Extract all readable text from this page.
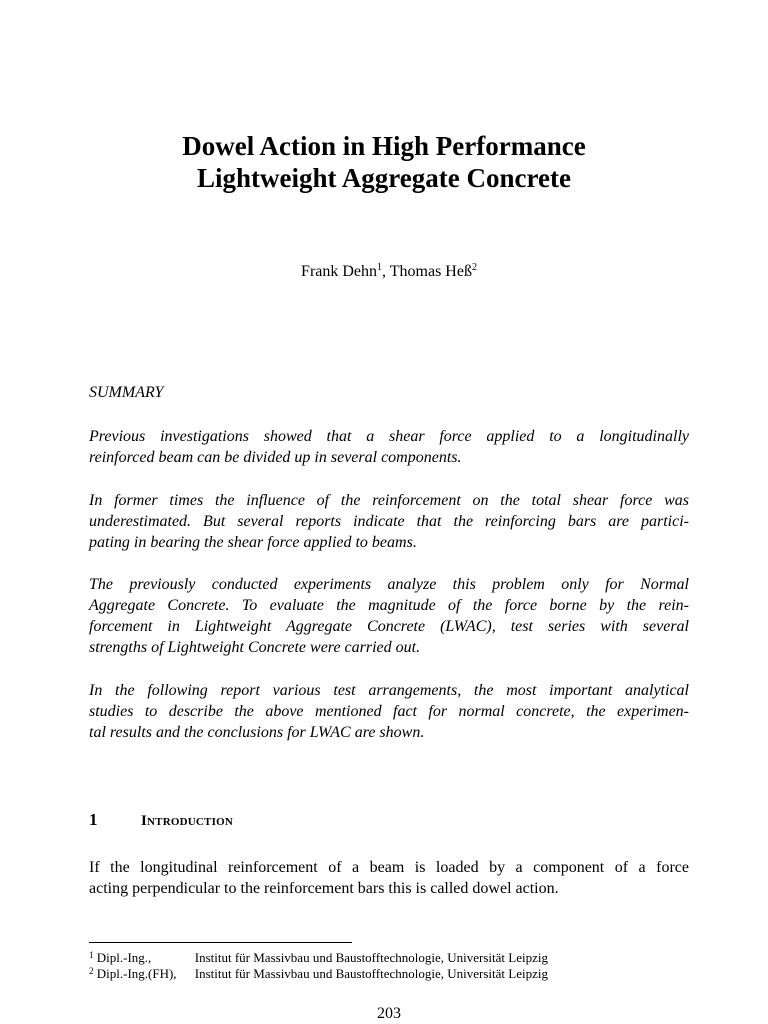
Dowel Action in High Performance
Lightweight Aggregate Concrete
Frank Dehn$^1$, Thomas Heß$^2$
SUMMARY

Previous investigations showed that a shear force applied to a longitudinally
reinforced beam can be divided up in several components.

In former times the influence of the reinforcement on the total shear force was
underestimated. But several reports indicate that the reinforcing bars are partici-
pating in bearing the shear force applied to beams.

The previously conducted experiments analyze this problem only for Normal
Aggregate Concrete. To evaluate the magnitude of the force borne by the rein-
forcement in Lightweight Aggregate Concrete (LWAC), test series with several
strengths of Lightweight Concrete were carried out.

In the following report various test arrangements, the most important analytical
studies to describe the above mentioned fact for normal concrete, the experimen-
tal results and the conclusions for LWAC are shown.

1	Introduction

If the longitudinal reinforcement of a beam is loaded by a component of a force
acting perpendicular to the reinforcement bars this is called dowel action.

$^1$ Dipl.-Ing.,	Institut für Massivbau und Baustofftechnologie, Universität Leipzig
$^2$ Dipl.-Ing.(FH), Institut für Massivbau und Baustofftechnologie, Universität Leipzig
203
